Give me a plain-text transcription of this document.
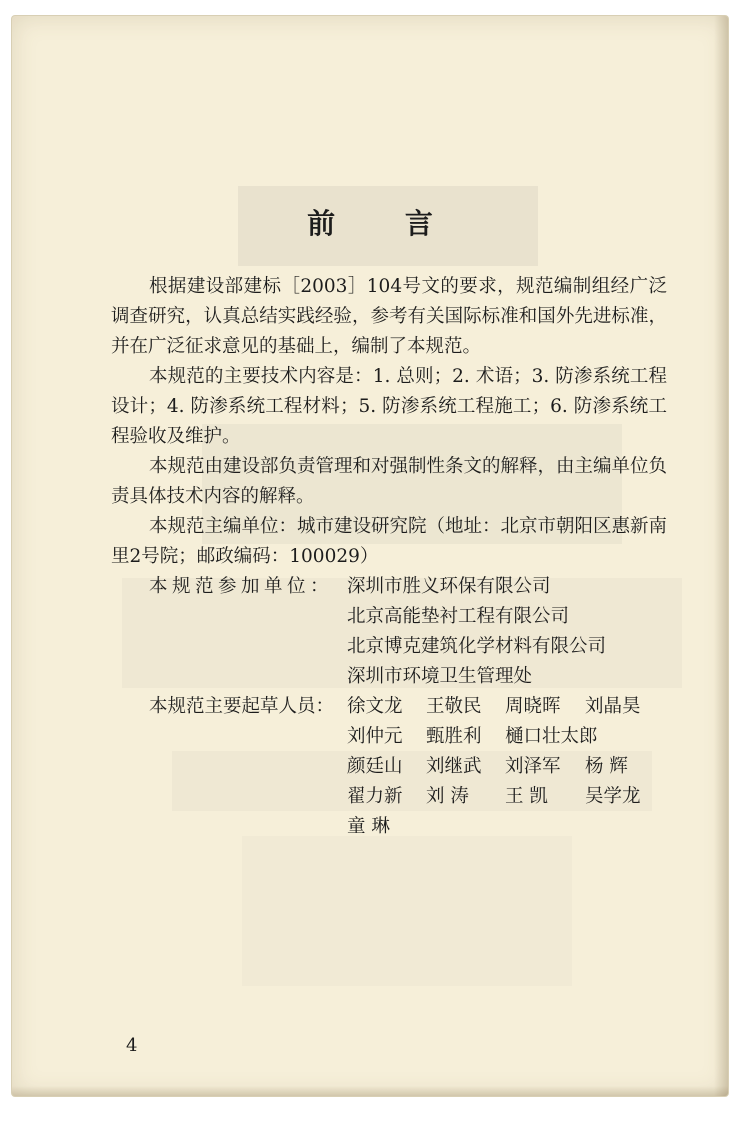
前 言

根据建设部建标［2003］104号文的要求，规范编制组经广泛调查研究，认真总结实践经验，参考有关国际标准和国外先进标准，并在广泛征求意见的基础上，编制了本规范。

本规范的主要技术内容是：1. 总则；2. 术语；3. 防渗系统工程设计；4. 防渗系统工程材料；5. 防渗系统工程施工；6. 防渗系统工程验收及维护。

本规范由建设部负责管理和对强制性条文的解释，由主编单位负责具体技术内容的解释。

本规范主编单位：城市建设研究院（地址：北京市朝阳区惠新南里2号院；邮政编码：100029）

本规范参加单位： 深圳市胜义环保有限公司
北京高能垫衬工程有限公司
北京博克建筑化学材料有限公司
深圳市环境卫生管理处
本规范主要起草人员： 徐文龙 王敬民 周晓晖 刘晶昊
刘仲元 甄胜利 樋口壮太郎
颜廷山 刘继武 刘泽军 杨 辉
翟力新 刘 涛 王 凯 吴学龙
童 琳
4
